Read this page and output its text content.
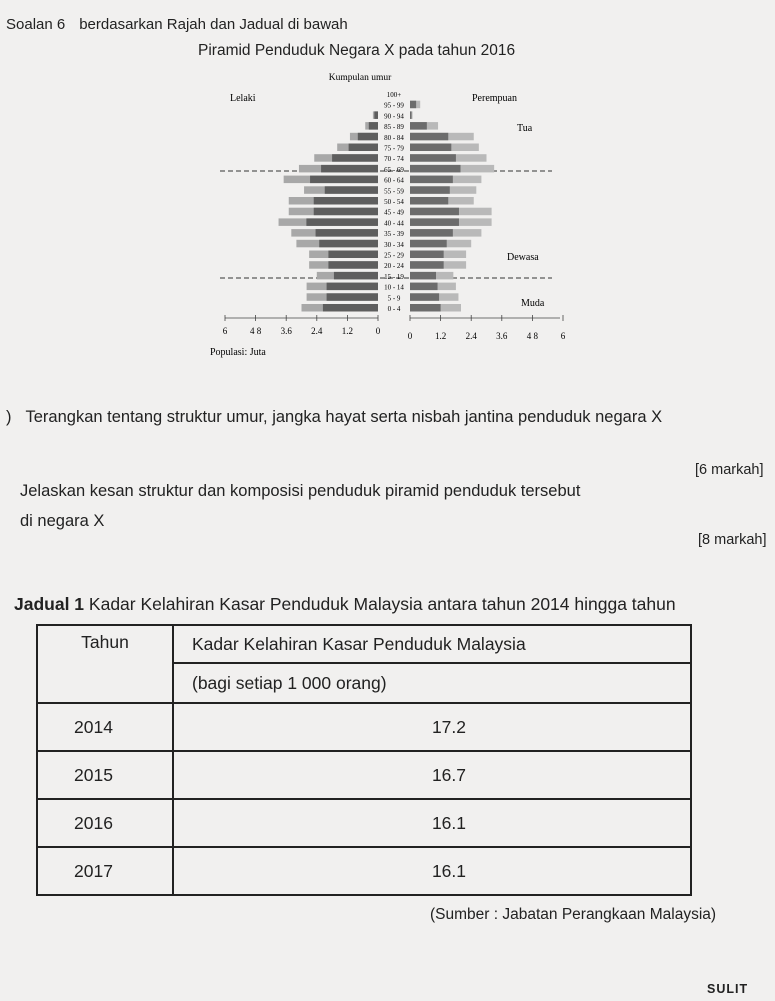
Soalan 6 berdasarkan Rajah dan Jadual di bawah
Piramid Penduduk Negara X pada tahun 2016
Kumpulan umur
Lelaki	Perempuan
Tua
Dewasa
Muda
100+
95 - 99
90 - 94
85 - 89
80 - 84
75 - 79
70 - 74
65 - 69
60 - 64
55 - 59
50 - 54
45 - 49
40 - 44
35 - 39
30 - 34
25 - 29
20 - 24
15 - 19
10 - 14
5 - 9
0 - 4
6	4 8 3.6 2.4 1.2	0	0	1.2 2.4 3.6 4 8	6
Populasi: Juta
) Terangkan tentang struktur umur, jangka hayat serta nisbah jantina penduduk negara X
[6 markah]
Jelaskan kesan struktur dan komposisi penduduk piramid penduduk tersebut
di negara X
[8 markah]
Jadual 1 Kadar Kelahiran Kasar Penduduk Malaysia antara tahun 2014 hingga tahun
Tahun	Kadar Kelahiran Kasar Penduduk Malaysia
	(bagi setiap 1 000 orang)
2014	17.2
2015	16.7
2016	16.1
2017	16.1
(Sumber : Jabatan Perangkaan Malaysia)
SULIT
